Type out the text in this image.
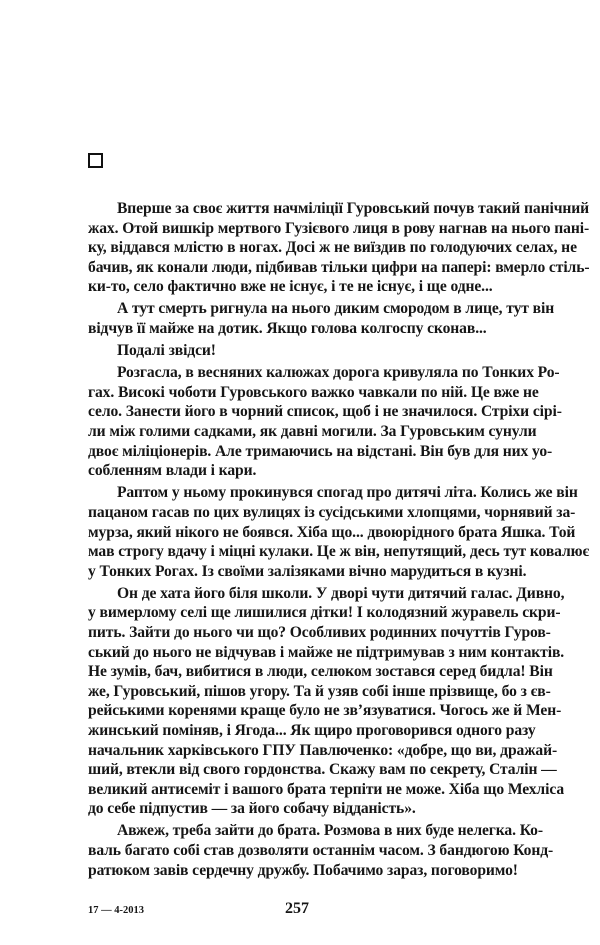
Вперше за своє життя начміліції Гуровський почув такий панічний
жах. Отой вишкір мертвого Гузієвого лиця в рову нагнав на нього пані-
ку, віддався млістю в ногах. Досі ж не виїздив по голодуючих селах, не
бачив, як конали люди, підбивав тільки цифри на папері: вмерло стіль-
ки-то, село фактично вже не існує, і те не існує, і ще одне...
А тут смерть ригнула на нього диким смородом в лице, тут він
відчув її майже на дотик. Якщо голова колгоспу сконав...
Подалі звідси!
Розгасла, в весняних калюжах дорога кривуляла по Тонких Ро-
гах. Високі чоботи Гуровського важко чавкали по ній. Це вже не
село. Занести його в чорний список, щоб і не значилося. Стріхи сірі-
ли між голими садками, як давні могили. За Гуровським сунули
двоє міліціонерів. Але тримаючись на відстані. Він був для них уо-
собленням влади і кари.
Раптом у ньому прокинувся спогад про дитячі літа. Колись же він
пацаном гасав по цих вулицях із сусідськими хлопцями, чорнявий за-
мурза, який нікого не боявся. Хіба що... двоюрідного брата Яшка. Той
мав строгу вдачу і міцні кулаки. Це ж він, непутящий, десь тут ковалює
у Тонких Рогах. Із своїми залізяками вічно марудиться в кузні.
Он де хата його біля школи. У дворі чути дитячий галас. Дивно,
у вимерлому селі ще лишилися дітки! І колодязний журавель скри-
пить. Зайти до нього чи що? Особливих родинних почуттів Гуров-
ський до нього не відчував і майже не підтримував з ним контактів.
Не зумів, бач, вибитися в люди, селюком зостався серед бидла! Він
же, Гуровський, пішов угору. Та й узяв собі інше прізвище, бо з єв-
рейськими коренями краще було не зв’язуватися. Чогось же й Мен-
жинський поміняв, і Ягода... Як щиро проговорився одного разу
начальник харківського ГПУ Павлюченко: «добре, що ви, дражай-
ший, втекли від свого гордонства. Скажу вам по секрету, Сталін —
великий антисеміт і вашого брата терпіти не може. Хіба що Мехліса
до себе підпустив — за його собачу відданість».
Авжеж, треба зайти до брата. Розмова в них буде нелегка. Ко-
валь багато собі став дозволяти останнім часом. З бандюгою Конд-
ратюком завів сердечну дружбу. Побачимо зараз, поговоримо!
17 — 4-2013	257
